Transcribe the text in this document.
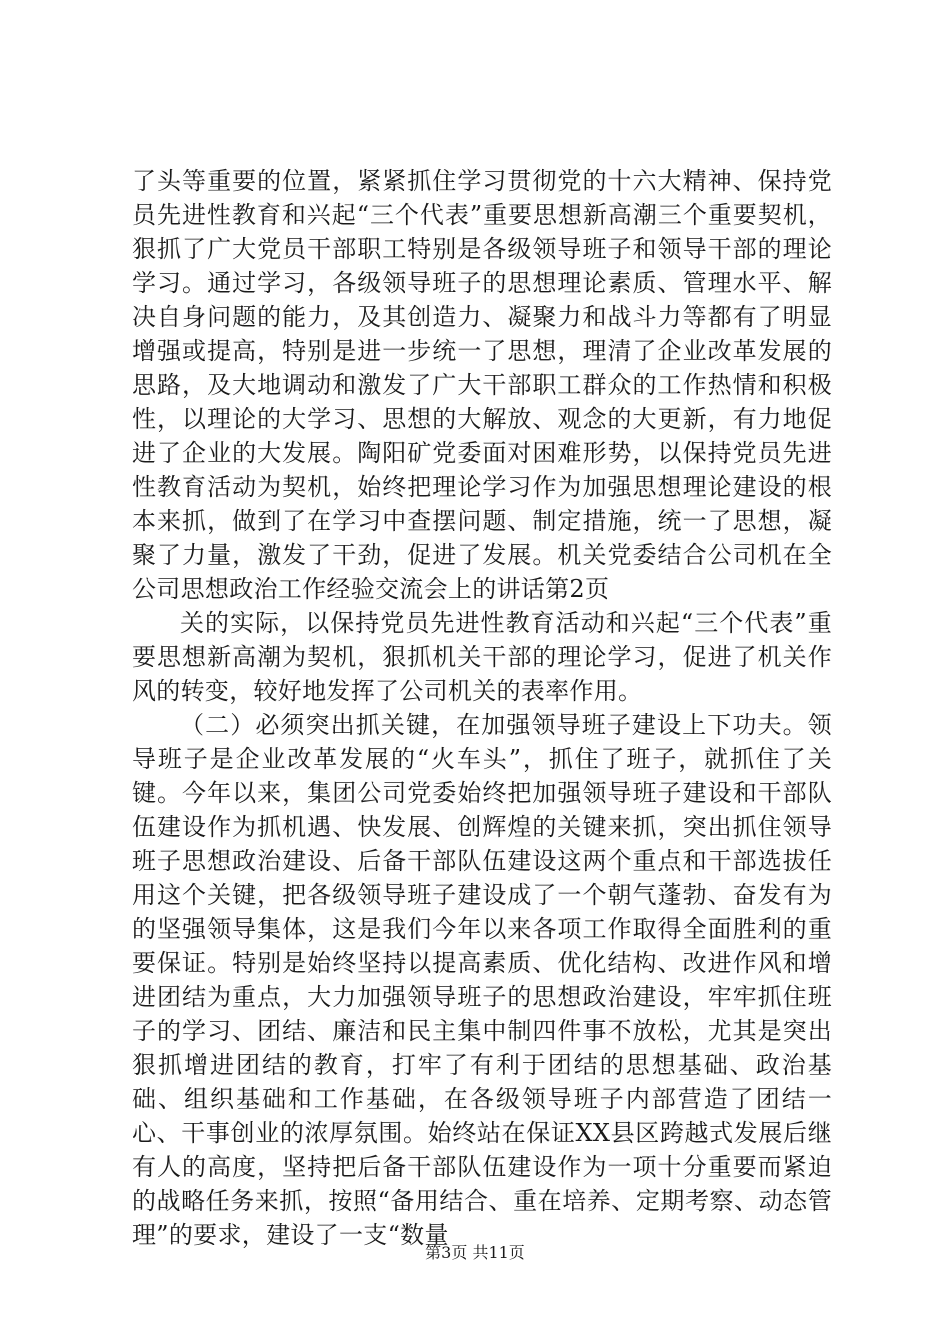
了头等重要的位置，紧紧抓住学习贯彻党的十六大精神、保持党员先进性教育和兴起“三个代表”重要思想新高潮三个重要契机，狠抓了广大党员干部职工特别是各级领导班子和领导干部的理论学习。通过学习，各级领导班子的思想理论素质、管理水平、解决自身问题的能力，及其创造力、凝聚力和战斗力等都有了明显增强或提高，特别是进一步统一了思想，理清了企业改革发展的思路，及大地调动和激发了广大干部职工群众的工作热情和积极性，以理论的大学习、思想的大解放、观念的大更新，有力地促进了企业的大发展。陶阳矿党委面对困难形势，以保持党员先进性教育活动为契机，始终把理论学习作为加强思想理论建设的根本来抓，做到了在学习中查摆问题、制定措施，统一了思想，凝聚了力量，激发了干劲，促进了发展。机关党委结合公司机在全公司思想政治工作经验交流会上的讲话第2页

关的实际，以保持党员先进性教育活动和兴起“三个代表”重要思想新高潮为契机，狠抓机关干部的理论学习，促进了机关作风的转变，较好地发挥了公司机关的表率作用。

（二）必须突出抓关键，在加强领导班子建设上下功夫。领导班子是企业改革发展的“火车头”，抓住了班子，就抓住了关键。今年以来，集团公司党委始终把加强领导班子建设和干部队伍建设作为抓机遇、快发展、创辉煌的关键来抓，突出抓住领导班子思想政治建设、后备干部队伍建设这两个重点和干部选拔任用这个关键，把各级领导班子建设成了一个朝气蓬勃、奋发有为的坚强领导集体，这是我们今年以来各项工作取得全面胜利的重要保证。特别是始终坚持以提高素质、优化结构、改进作风和增进团结为重点，大力加强领导班子的思想政治建设，牢牢抓住班子的学习、团结、廉洁和民主集中制四件事不放松，尤其是突出狠抓增进团结的教育，打牢了有利于团结的思想基础、政治基础、组织基础和工作基础，在各级领导班子内部营造了团结一心、干事创业的浓厚氛围。始终站在保证XX县区跨越式发展后继有人的高度，坚持把后备干部队伍建设作为一项十分重要而紧迫的战略任务来抓，按照“备用结合、重在培养、定期考察、动态管理”的要求，建设了一支“数量

第3页 共11页
